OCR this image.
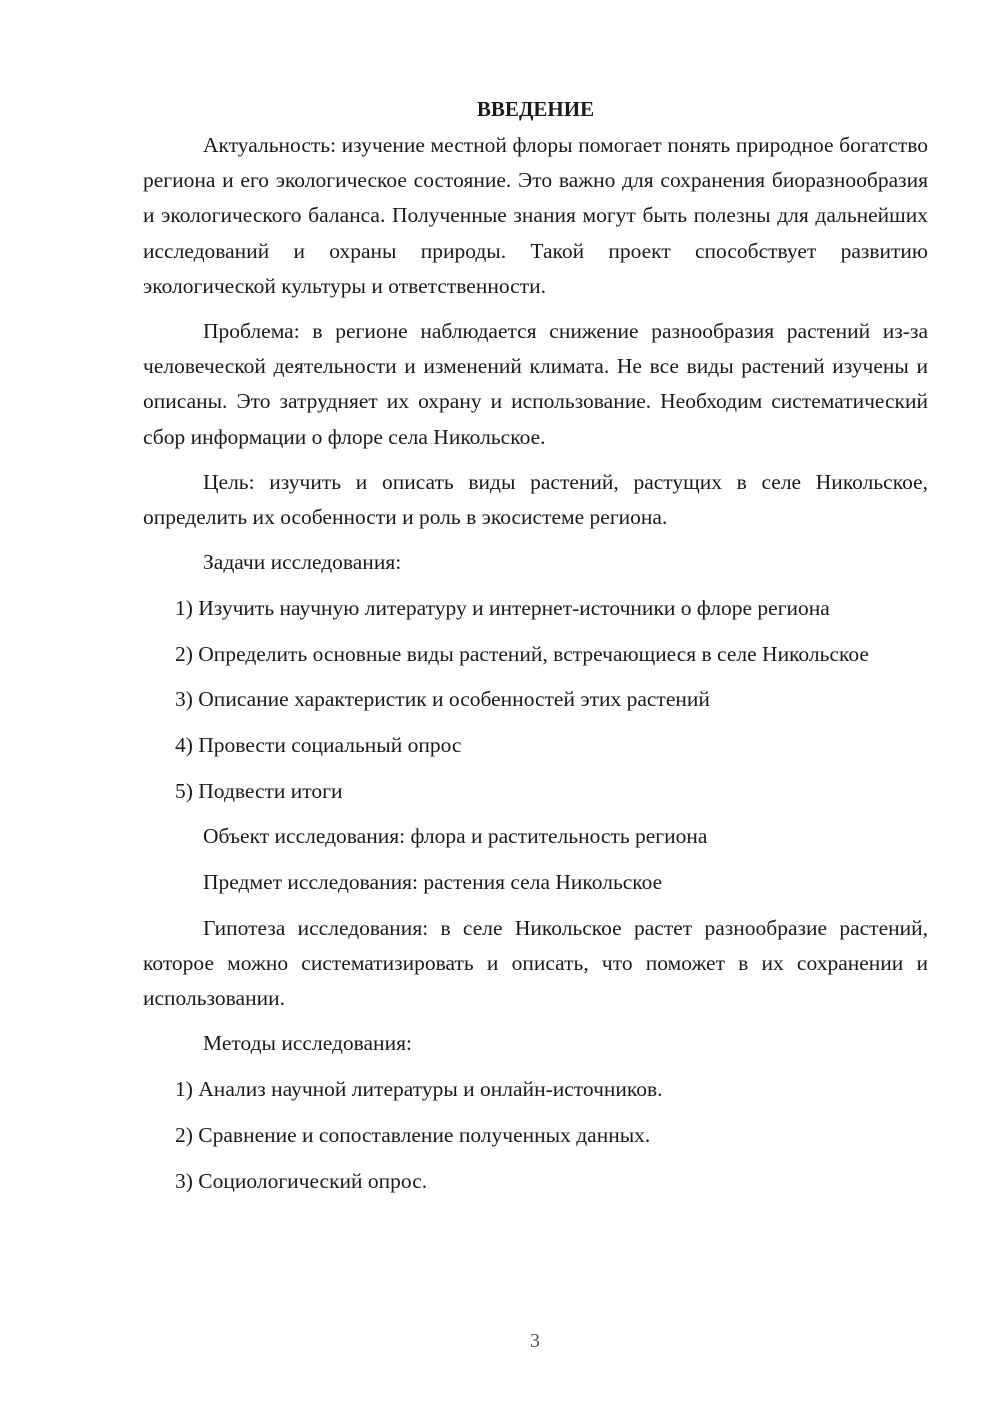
ВВЕДЕНИЕ
Актуальность: изучение местной флоры помогает понять природное богатство региона и его экологическое состояние. Это важно для сохранения биоразнообразия и экологического баланса. Полученные знания могут быть полезны для дальнейших исследований и охраны природы. Такой проект способствует развитию экологической культуры и ответственности.
Проблема: в регионе наблюдается снижение разнообразия растений из-за человеческой деятельности и изменений климата. Не все виды растений изучены и описаны. Это затрудняет их охрану и использование. Необходим систематический сбор информации о флоре села Никольское.
Цель: изучить и описать виды растений, растущих в селе Никольское, определить их особенности и роль в экосистеме региона.
Задачи исследования:
1) Изучить научную литературу и интернет-источники о флоре региона
2) Определить основные виды растений, встречающиеся в селе Никольское
3) Описание характеристик и особенностей этих растений
4) Провести социальный опрос
5) Подвести итоги
Объект исследования: флора и растительность региона
Предмет исследования: растения села Никольское
Гипотеза исследования: в селе Никольское растет разнообразие растений, которое можно систематизировать и описать, что поможет в их сохранении и использовании.
Методы исследования:
1) Анализ научной литературы и онлайн-источников.
2) Сравнение и сопоставление полученных данных.
3) Социологический опрос.
3
